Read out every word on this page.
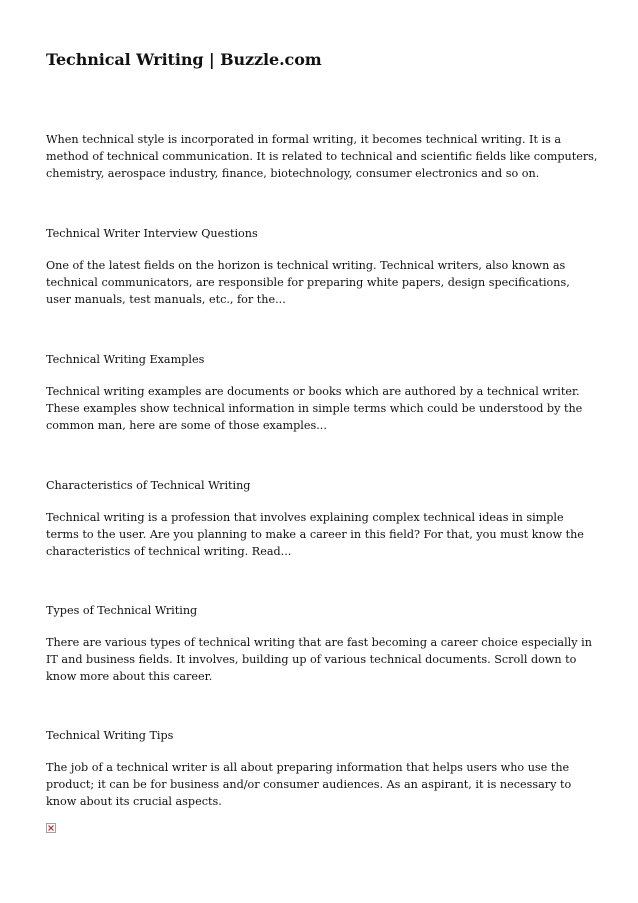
Technical Writing | Buzzle.com

When technical style is incorporated in formal writing, it becomes technical writing. It is a method of technical communication. It is related to technical and scientific fields like computers, chemistry, aerospace industry, finance, biotechnology, consumer electronics and so on.

Technical Writer Interview Questions

One of the latest fields on the horizon is technical writing. Technical writers, also known as technical communicators, are responsible for preparing white papers, design specifications, user manuals, test manuals, etc., for the...

Technical Writing Examples

Technical writing examples are documents or books which are authored by a technical writer. These examples show technical information in simple terms which could be understood by the common man, here are some of those examples...

Characteristics of Technical Writing

Technical writing is a profession that involves explaining complex technical ideas in simple terms to the user. Are you planning to make a career in this field? For that, you must know the characteristics of technical writing. Read...

Types of Technical Writing

There are various types of technical writing that are fast becoming a career choice especially in IT and business fields. It involves, building up of various technical documents. Scroll down to know more about this career.

Technical Writing Tips

The job of a technical writer is all about preparing information that helps users who use the product; it can be for business and/or consumer audiences. As an aspirant, it is necessary to know about its crucial aspects.
